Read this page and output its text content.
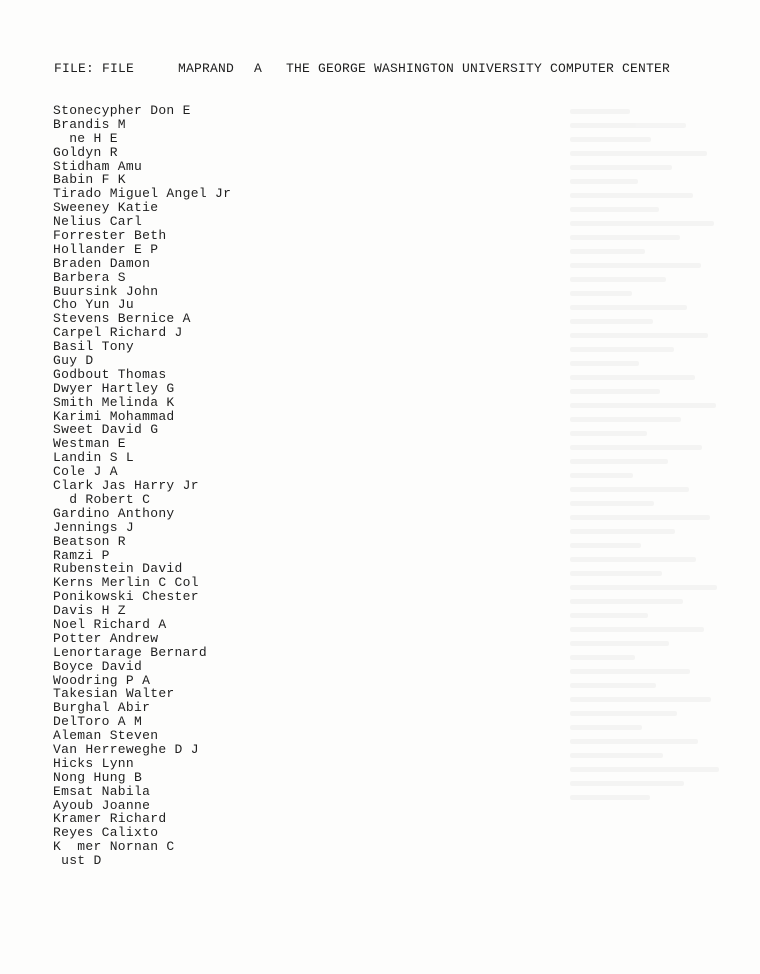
FILE: FILE	MAPRAND A THE GEORGE WASHINGTON UNIVERSITY COMPUTER CENTER
Stonecypher Don E
Brandis M
ne H E
Goldyn R
Stidham Amu
Babin F K
Tirado Miguel Angel Jr
Sweeney Katie
Nelius Carl
Forrester Beth
Hollander E P
Braden Damon
Barbera S
Buursink John
Cho Yun Ju
Stevens Bernice A
Carpel Richard J
Basil Tony
Guy D
Godbout Thomas
Dwyer Hartley G
Smith Melinda K
Karimi Mohammad
Sweet David G
Westman E
Landin S L
Cole J A
Clark Jas Harry Jr
d Robert C
Gardino Anthony
Jennings J
Beatson R
Ramzi P
Rubenstein David
Kerns Merlin C Col
Ponikowski Chester
Davis H Z
Noel Richard A
Potter Andrew
Lenortarage Bernard
Boyce David
Woodring P A
Takesian Walter
Burghal Abir
DelToro A M
Aleman Steven
Van Herreweghe D J
Hicks Lynn
Nong Hung B
Emsat Nabila
Ayoub Joanne
Kramer Richard
Reyes Calixto
K  mer Nornan C
ust D
